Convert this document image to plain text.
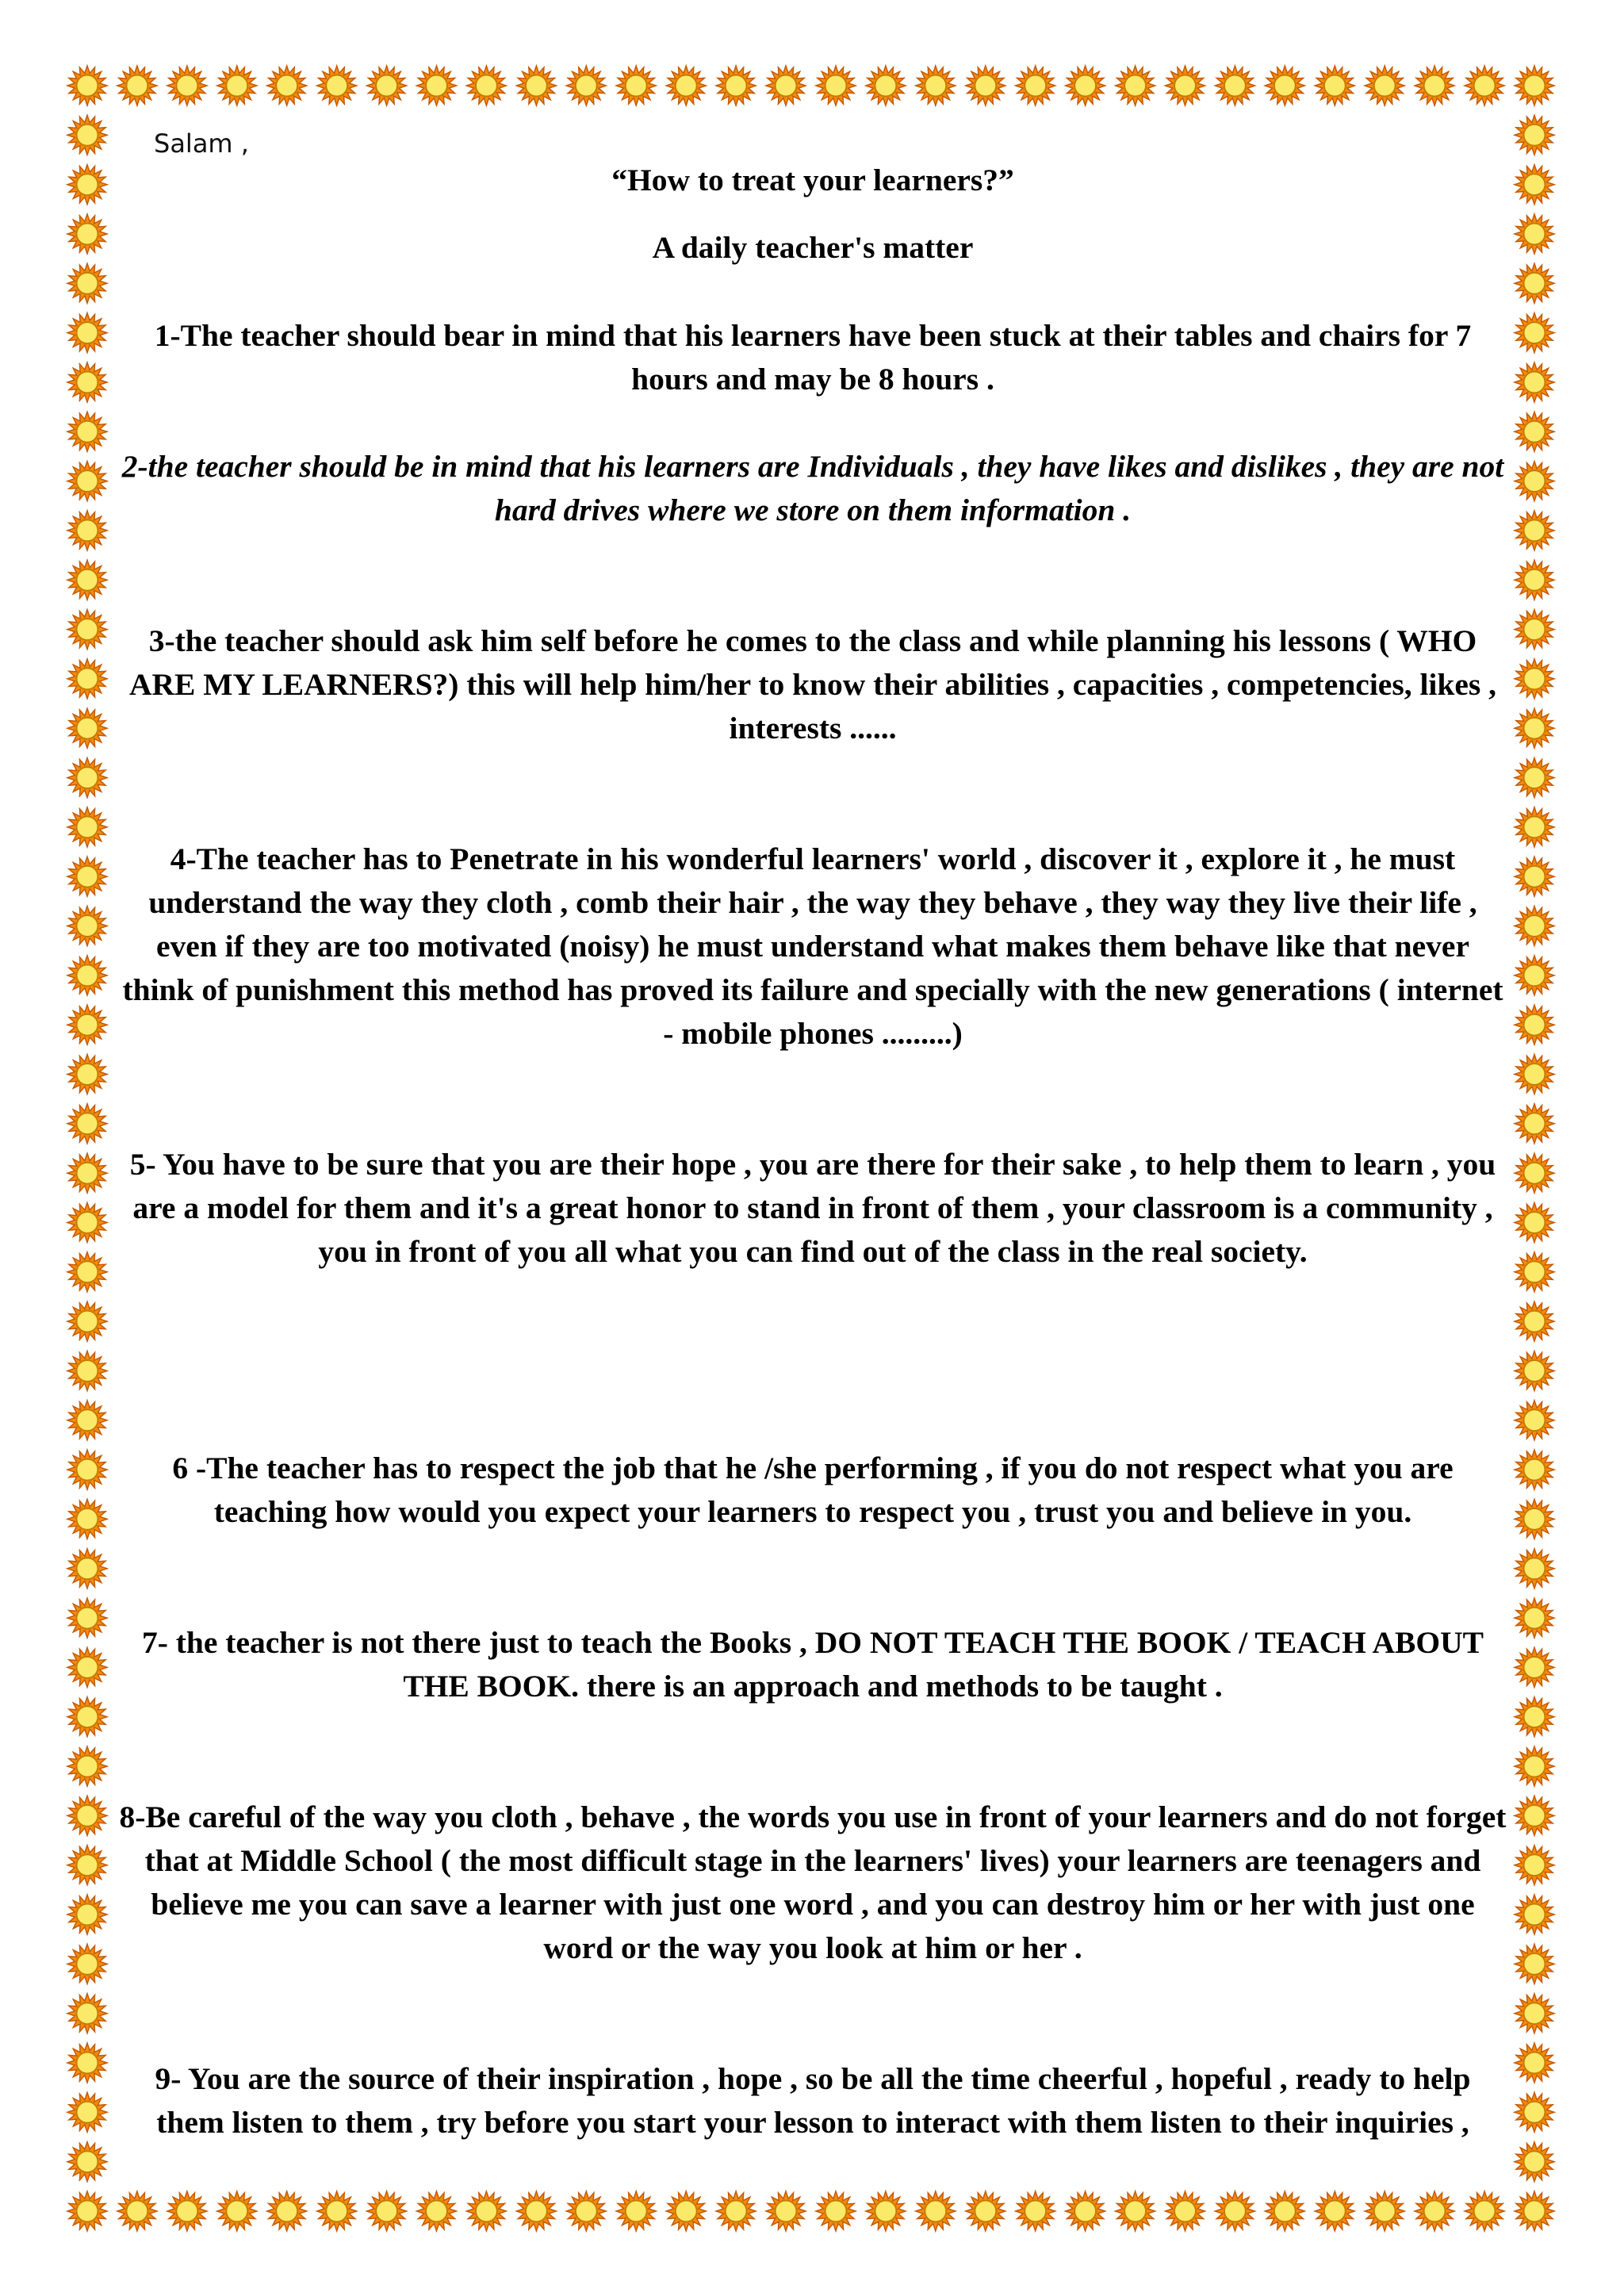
Salam ,

“How to treat your learners?”

A daily teacher's matter

1-The teacher should bear in mind that his learners have been stuck at their tables and chairs for 7 hours and may be 8 hours .

2-the teacher should be in mind that his learners are Individuals , they have likes and dislikes , they are not hard drives where we store on them information .

3-the teacher should ask him self before he comes to the class and while planning his lessons ( WHO ARE MY LEARNERS?) this will help him/her to know their abilities , capacities , competencies, likes , interests ......

4-The teacher has to Penetrate in his wonderful learners' world , discover it , explore it , he must understand the way they cloth , comb their hair , the way they behave , they way they live their life , even if they are too motivated (noisy) he must understand what makes them behave like that never think of punishment this method has proved its failure and specially with the new generations ( internet - mobile phones .........)

5- You have to be sure that you are their hope , you are there for their sake , to help them to learn , you are a model for them and it's a great honor to stand in front of them , your classroom is a community , you in front of you all what you can find out of the class in the real society.

6 -The teacher has to respect the job that he /she performing , if you do not respect what you are teaching how would you expect your learners to respect you , trust you and believe in you.

7- the teacher is not there just to teach the Books , DO NOT TEACH THE BOOK / TEACH ABOUT THE BOOK. there is an approach and methods to be taught .

8-Be careful of the way you cloth , behave , the words you use in front of your learners and do not forget that at Middle School ( the most difficult stage in the learners' lives) your learners are teenagers and believe me you can save a learner with just one word , and you can destroy him or her with just one word or the way you look at him or her .

9- You are the source of their inspiration , hope , so be all the time cheerful , hopeful , ready to help them listen to them , try before you start your lesson to interact with them listen to their inquiries ,
